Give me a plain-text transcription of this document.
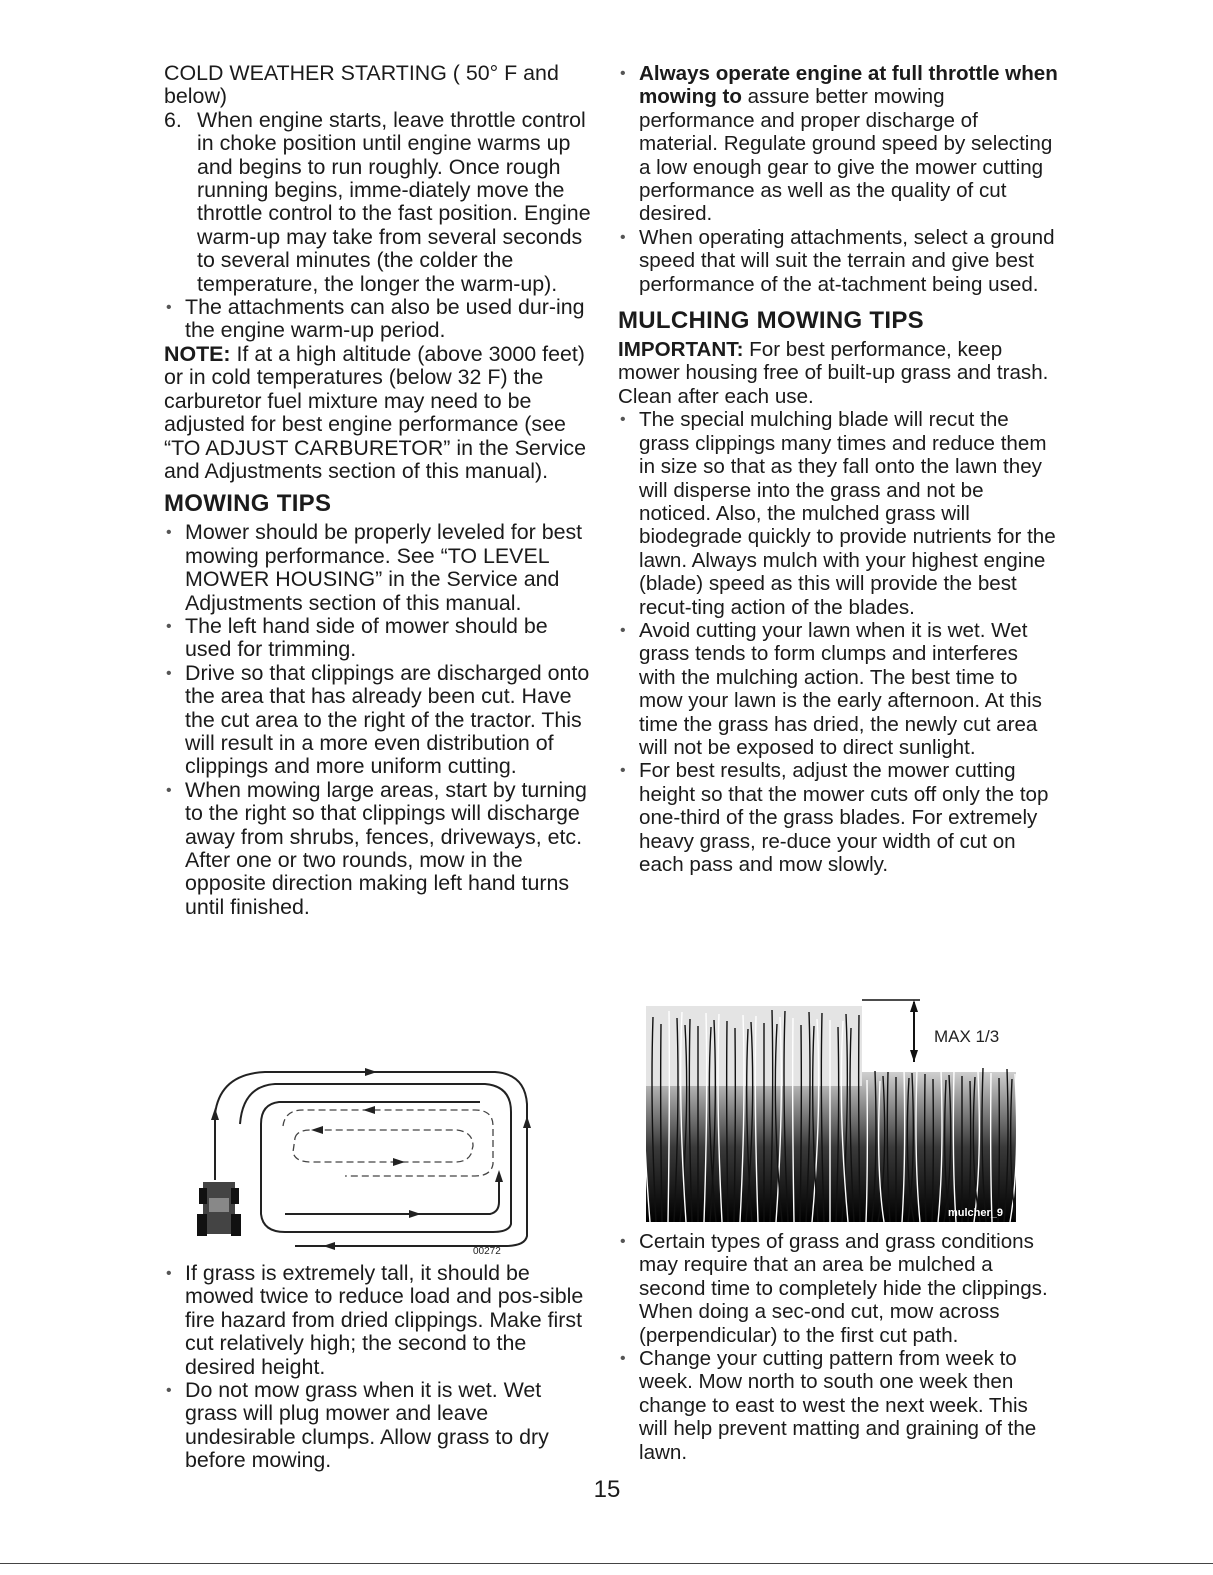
COLD WEATHER STARTING ( 50° F and below)

6. When engine starts, leave throttle control in choke position until engine warms up and begins to run roughly. Once rough running begins, imme-diately move the throttle control to the fast position. Engine warm-up may take from several seconds to several minutes (the colder the temperature, the longer the warm-up).

• The attachments can also be used dur-ing the engine warm-up period.

NOTE: If at a high altitude (above 3000 feet) or in cold temperatures (below 32 F) the carburetor fuel mixture may need to be adjusted for best engine performance (see “TO ADJUST CARBURETOR” in the Service and Adjustments section of this manual).

MOWING TIPS

• Mower should be properly leveled for best mowing performance. See “TO LEVEL MOWER HOUSING” in the Service and Adjustments section of this manual.

• The left hand side of mower should be used for trimming.

• Drive so that clippings are discharged onto the area that has already been cut. Have the cut area to the right of the tractor. This will result in a more even distribution of clippings and more uniform cutting.

• When mowing large areas, start by turning to the right so that clippings will discharge away from shrubs, fences, driveways, etc. After one or two rounds, mow in the opposite direction making left hand turns until finished.

00272

• If grass is extremely tall, it should be mowed twice to reduce load and pos-sible fire hazard from dried clippings. Make first cut relatively high; the second to the desired height.

• Do not mow grass when it is wet. Wet grass will plug mower and leave undesirable clumps. Allow grass to dry before mowing.

• Always operate engine at full throttle when mowing to assure better mowing performance and proper discharge of material. Regulate ground speed by selecting a low enough gear to give the mower cutting performance as well as the quality of cut desired.

• When operating attachments, select a ground speed that will suit the terrain and give best performance of the at-tachment being used.

MULCHING MOWING TIPS

IMPORTANT: For best performance, keep mower housing free of built-up grass and trash. Clean after each use.

• The special mulching blade will recut the grass clippings many times and reduce them in size so that as they fall onto the lawn they will disperse into the grass and not be noticed. Also, the mulched grass will biodegrade quickly to provide nutrients for the lawn. Always mulch with your highest engine (blade) speed as this will provide the best recut-ting action of the blades.

• Avoid cutting your lawn when it is wet. Wet grass tends to form clumps and interferes with the mulching action. The best time to mow your lawn is the early afternoon. At this time the grass has dried, the newly cut area will not be exposed to direct sunlight.

• For best results, adjust the mower cutting height so that the mower cuts off only the top one-third of the grass blades. For extremely heavy grass, re-duce your width of cut on each pass and mow slowly.

MAX 1/3
mulcher_9

• Certain types of grass and grass conditions may require that an area be mulched a second time to completely hide the clippings. When doing a sec-ond cut, mow across (perpendicular) to the first cut path.

• Change your cutting pattern from week to week. Mow north to south one week then change to east to west the next week. This will help prevent matting and graining of the lawn.

15
